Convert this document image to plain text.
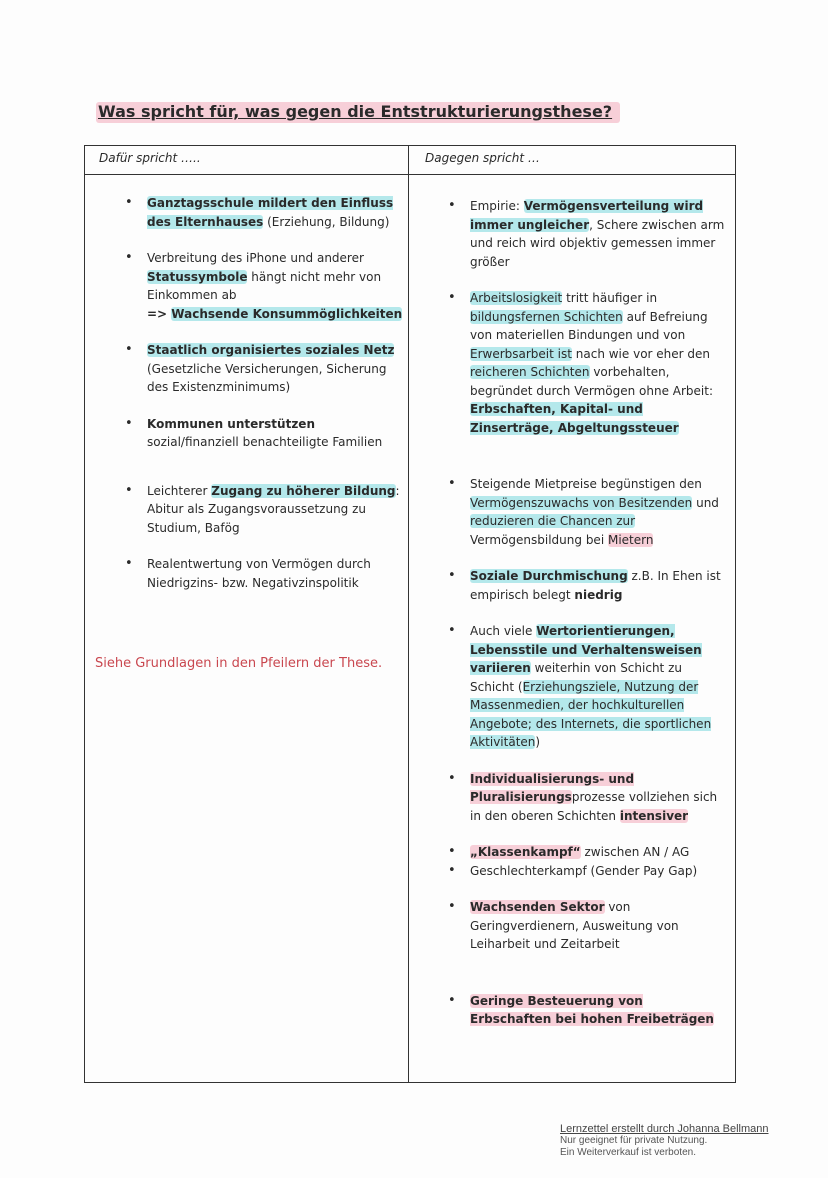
Was spricht für, was gegen die Entstrukturierungsthese?
Dafür spricht …..	Dagegen spricht …
• Ganztagsschule mildert den Einfluss des Elternhauses (Erziehung, Bildung)
• Verbreitung des iPhone und anderer Statussymbole hängt nicht mehr von Einkommen ab
=> Wachsende Konsummöglichkeiten
• Staatlich organisiertes soziales Netz (Gesetzliche Versicherungen, Sicherung des Existenzminimums)
• Kommunen unterstützen
sozial/finanziell benachteiligte Familien
• Leichterer Zugang zu höherer Bildung: Abitur als Zugangsvoraussetzung zu Studium, Bafög
• Realentwertung von Vermögen durch Niedrigzins- bzw. Negativzinspolitik
Siehe Grundlagen in den Pfeilern der These.
• Empirie: Vermögensverteilung wird immer ungleicher, Schere zwischen arm und reich wird objektiv gemessen immer größer
• Arbeitslosigkeit tritt häufiger in bildungsfernen Schichten auf Befreiung von materiellen Bindungen und von Erwerbsarbeit ist nach wie vor eher den reicheren Schichten vorbehalten, begründet durch Vermögen ohne Arbeit: Erbschaften, Kapital- und Zinserträge, Abgeltungssteuer
• Steigende Mietpreise begünstigen den Vermögenszuwachs von Besitzenden und reduzieren die Chancen zur Vermögensbildung bei Mietern
• Soziale Durchmischung z.B. In Ehen ist empirisch belegt niedrig
• Auch viele Wertorientierungen, Lebensstile und Verhaltensweisen variieren weiterhin von Schicht zu Schicht (Erziehungsziele, Nutzung der Massenmedien, der hochkulturellen Angebote; des Internets, die sportlichen Aktivitäten)
• Individualisierungs- und Pluralisierungsprozesse vollziehen sich in den oberen Schichten intensiver
• „Klassenkampf“ zwischen AN / AG
• Geschlechterkampf (Gender Pay Gap)
• Wachsenden Sektor von Geringverdienern, Ausweitung von Leiharbeit und Zeitarbeit
• Geringe Besteuerung von Erbschaften bei hohen Freibeträgen
Lernzettel erstellt durch Johanna Bellmann
Nur geeignet für private Nutzung.
Ein Weiterverkauf ist verboten.
